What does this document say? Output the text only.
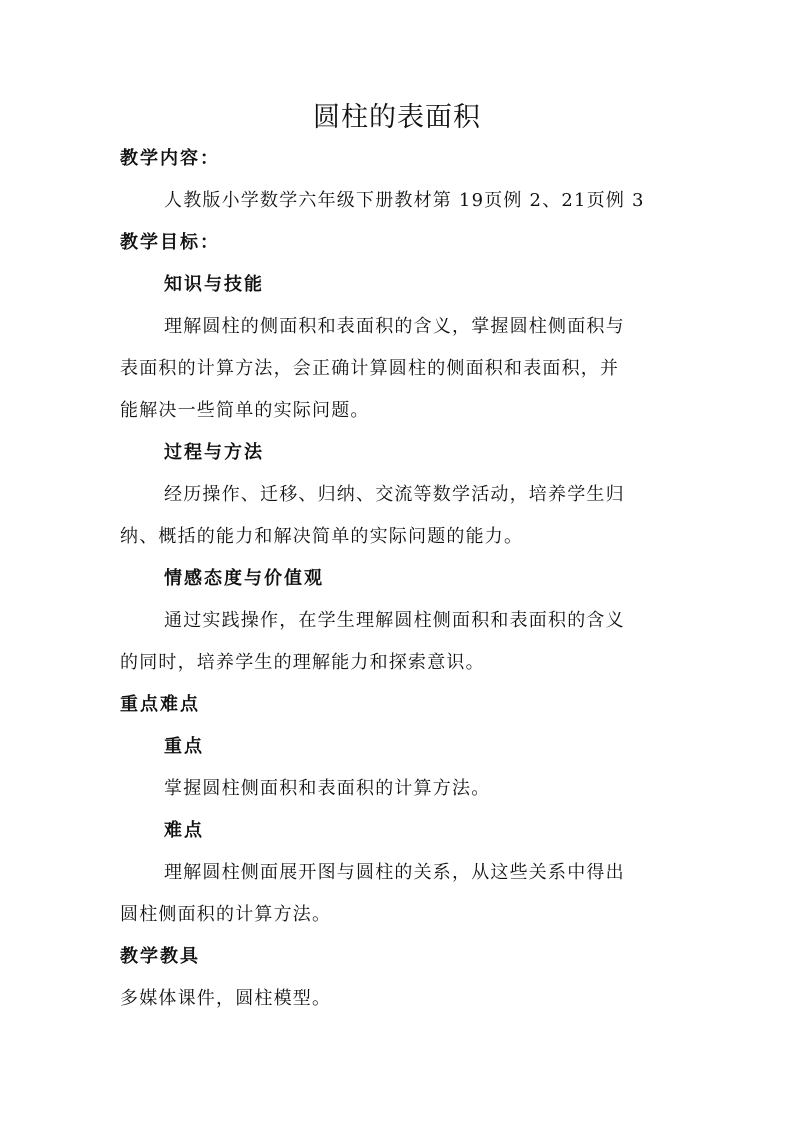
圆柱的表面积
教学内容：
人教版小学数学六年级下册教材第 19页例 2、21页例 3
教学目标：
知识与技能
理解圆柱的侧面积和表面积的含义，掌握圆柱侧面积与
表面积的计算方法，会正确计算圆柱的侧面积和表面积，并
能解决一些简单的实际问题。
过程与方法
经历操作、迁移、归纳、交流等数学活动，培养学生归
纳、概括的能力和解决简单的实际问题的能力。
情感态度与价值观
通过实践操作，在学生理解圆柱侧面积和表面积的含义
的同时，培养学生的理解能力和探索意识。
重点难点
重点
掌握圆柱侧面积和表面积的计算方法。
难点
理解圆柱侧面展开图与圆柱的关系，从这些关系中得出
圆柱侧面积的计算方法。
教学教具
多媒体课件，圆柱模型。
